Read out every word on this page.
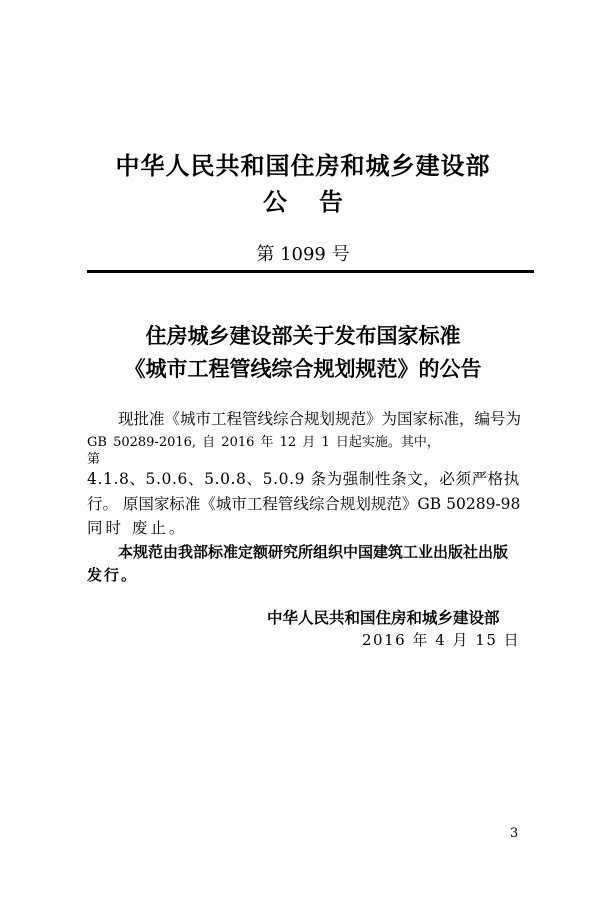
中华人民共和国住房和城乡建设部
公告
第 1099 号
住房城乡建设部关于发布国家标准
《城市工程管线综合规划规范》的公告
现批准《城市工程管线综合规划规范》为国家标准，编号为
GB 50289-2016, 自 2016 年 12 月 1 日起实施。其中，
第
4.1.8、5.0.6、5.0.8、5.0.9 条为强制性条文，必须严格执
行。 原国家标准《城市工程管线综合规划规范》GB 50289-98
同时 废止。
本规范由我部标准定额研究所组织中国建筑工业出版社出版
发行。
中华人民共和国住房和城乡建设部
2016 年 4 月 15 日
3
